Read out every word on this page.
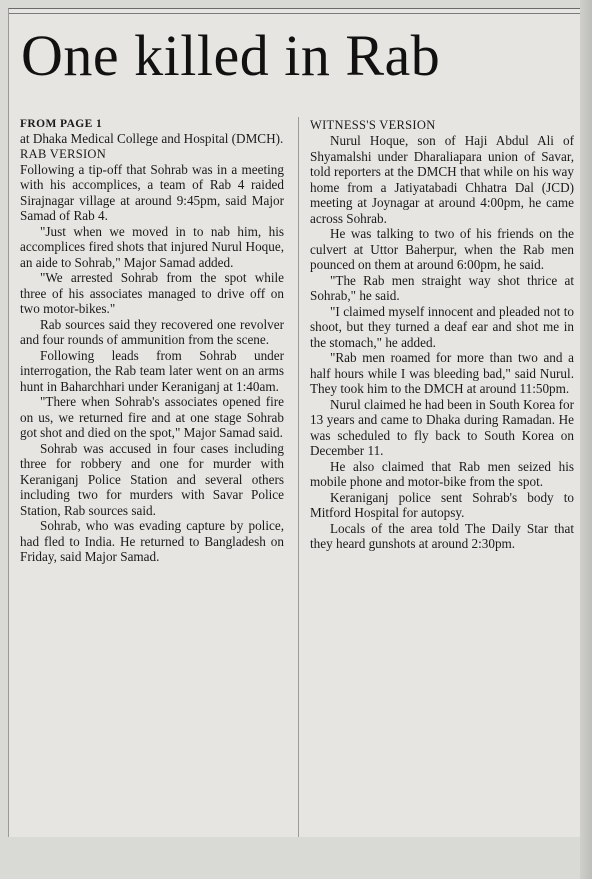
One killed in Rab

FROM PAGE 1

at Dhaka Medical College and Hospital (DMCH).

RAB VERSION

Following a tip-off that Sohrab was in a meeting with his accomplices, a team of Rab 4 raided Sirajnagar village at around 9:45pm, said Major Samad of Rab 4.

"Just when we moved in to nab him, his accomplices fired shots that injured Nurul Hoque, an aide to Sohrab," Major Samad added.

"We arrested Sohrab from the spot while three of his associates managed to drive off on two motor-bikes."

Rab sources said they recovered one revolver and four rounds of ammunition from the scene.

Following leads from Sohrab under interrogation, the Rab team later went on an arms hunt in Baharchhari under Keraniganj at 1:40am.

"There when Sohrab's associates opened fire on us, we returned fire and at one stage Sohrab got shot and died on the spot," Major Samad said.

Sohrab was accused in four cases including three for robbery and one for murder with Keraniganj Police Station and several others including two for murders with Savar Police Station, Rab sources said.

Sohrab, who was evading capture by police, had fled to India. He returned to Bangladesh on Friday, said Major Samad.

WITNESS'S VERSION

Nurul Hoque, son of Haji Abdul Ali of Shyamalshi under Dharaliapara union of Savar, told reporters at the DMCH that while on his way home from a Jatiyatabadi Chhatra Dal (JCD) meeting at Joynagar at around 4:00pm, he came across Sohrab.

He was talking to two of his friends on the culvert at Uttor Baherpur, when the Rab men pounced on them at around 6:00pm, he said.

"The Rab men straight way shot thrice at Sohrab," he said.

"I claimed myself innocent and pleaded not to shoot, but they turned a deaf ear and shot me in the stomach," he added.

"Rab men roamed for more than two and a half hours while I was bleeding bad," said Nurul. They took him to the DMCH at around 11:50pm.

Nurul claimed he had been in South Korea for 13 years and came to Dhaka during Ramadan. He was scheduled to fly back to South Korea on December 11.

He also claimed that Rab men seized his mobile phone and motor-bike from the spot.

Keraniganj police sent Sohrab's body to Mitford Hospital for autopsy.

Locals of the area told The Daily Star that they heard gunshots at around 2:30pm.
